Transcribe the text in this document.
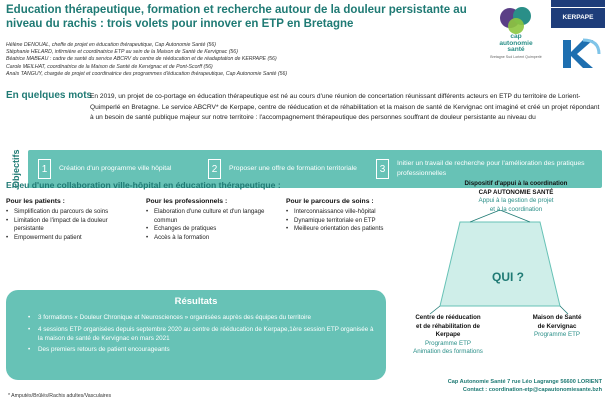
Education thérapeutique, formation et recherche autour de la douleur persistante au niveau du rachis : trois volets pour innover en ETP en Bretagne
Hélène DENOUAL, cheffe de projet en éducation thérapeutique, Cap Autonomie Santé (56)
Stéphanie HELARD, infirmière et coordinatrice ETP au sein de la Maison de Santé de Kervignac (56)
Béatrice MABEAU : cadre de santé du service ABCRV du centre de rééducation et de réadaptation de KERPAPE (56)
Carole MEILHAT, coordinatrice de la Maison de Santé de Kervignac et de Pont-Scorff (56)
Anaïs TANGUY, chargée de projet et coordinatrice des programmes d'éducation thérapeutique, Cap Autonomie Santé (56)
cap
autonomie
santé
Bretagne Sud Lorient Quimperlé
KERPAPE
En quelques mots
En 2019, un projet de co-portage en éducation thérapeutique est né au cours d'une réunion de concertation réunissant différents acteurs en ETP du territoire de Lorient-Quimperlé en Bretagne. Le service ABCRV* de Kerpape, centre de rééducation et de réhabilitation et la maison de santé de Kervignac ont imaginé et créé un projet répondant à un besoin de santé publique majeur sur notre territoire : l'accompagnement thérapeutique des personnes souffrant de douleur persistante au niveau du
Objectifs	1	Création d'un programme ville hôpital	2	Proposer une offre de formation territoriale	3	Initier un travail de recherche pour l'amélioration des pratiques professionnelles
Enjeu d'une collaboration ville-hôpital en éducation thérapeutique :
Pour les patients :
• Simplification du parcours de soins
• Limitation de l'impact de la douleur persistante
• Empowerment du patient
Pour les professionnels :
• Elaboration d'une culture et d'un langage commun
• Echanges de pratiques
• Accès à la formation
Pour le parcours de soins :
• Interconnaissance ville-hôpital
• Dynamique territoriale en ETP
• Meilleure orientation des patients
Résultats
• 3 formations « Douleur Chronique et Neurosciences » organisées auprès des équipes du territoire
• 4 sessions ETP organisées depuis septembre 2020 au centre de rééducation de Kerpape,1ère session ETP organisée à la maison de santé de Kervignac en mars 2021
• Des premiers retours de patient encourageants
* Amputés/Brûlés/Rachis adultes/Vasculaires
Dispositif d'appui à la coordination
CAP AUTONOMIE SANTÉ
Appui à la gestion de projet
et à la coordination
QUI ?
Centre de rééducation
et de réhabilitation de
Kerpape
Programme ETP
Animation des formations
Maison de Santé
de Kervignac
Programme ETP
Cap Autonomie Santé 7 rue Léo Lagrange 56600 LORIENT
Contact : coordination-etp@capautonomiesante.bzh
